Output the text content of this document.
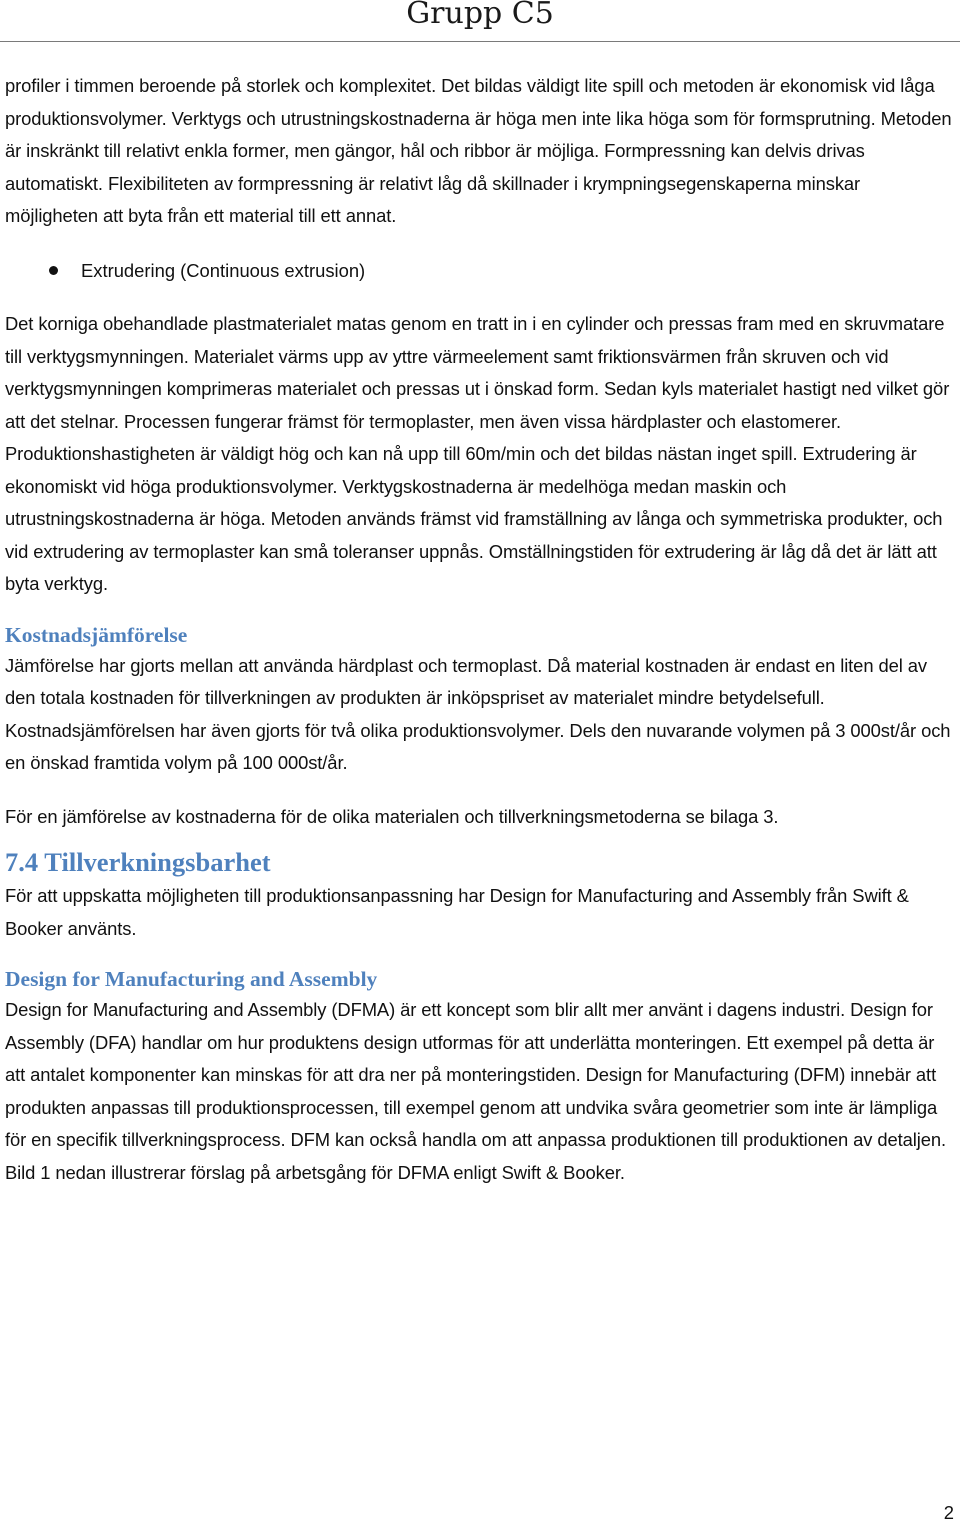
Grupp C5

profiler i timmen beroende på storlek och komplexitet. Det bildas väldigt lite spill och metoden är ekonomisk vid låga produktionsvolymer. Verktygs och utrustningskostnaderna är höga men inte lika höga som för formsprutning. Metoden är inskränkt till relativt enkla former, men gängor, hål och ribbor är möjliga. Formpressning kan delvis drivas automatiskt. Flexibiliteten av formpressning är relativt låg då skillnader i krympningsegenskaperna minskar möjligheten att byta från ett material till ett annat.

Extrudering (Continuous extrusion)

Det korniga obehandlade plastmaterialet matas genom en tratt in i en cylinder och pressas fram med en skruvmatare till verktygsmynningen. Materialet värms upp av yttre värmeelement samt friktionsvärmen från skruven och vid verktygsmynningen komprimeras materialet och pressas ut i önskad form. Sedan kyls materialet hastigt ned vilket gör att det stelnar. Processen fungerar främst för termoplaster, men även vissa härdplaster och elastomerer. Produktionshastigheten är väldigt hög och kan nå upp till 60m/min och det bildas nästan inget spill. Extrudering är ekonomiskt vid höga produktionsvolymer. Verktygskostnaderna är medelhöga medan maskin och utrustningskostnaderna är höga. Metoden används främst vid framställning av långa och symmetriska produkter, och vid extrudering av termoplaster kan små toleranser uppnås. Omställningstiden för extrudering är låg då det är lätt att byta verktyg.

Kostnadsjämförelse

Jämförelse har gjorts mellan att använda härdplast och termoplast. Då material kostnaden är endast en liten del av den totala kostnaden för tillverkningen av produkten är inköpspriset av materialet mindre betydelsefull. Kostnadsjämförelsen har även gjorts för två olika produktionsvolymer. Dels den nuvarande volymen på 3 000st/år och en önskad framtida volym på 100 000st/år.

För en jämförelse av kostnaderna för de olika materialen och tillverkningsmetoderna se bilaga 3.

7.4 Tillverkningsbarhet

För att uppskatta möjligheten till produktionsanpassning har Design for Manufacturing and Assembly från Swift & Booker använts.

Design for Manufacturing and Assembly

Design for Manufacturing and Assembly (DFMA) är ett koncept som blir allt mer använt i dagens industri. Design for Assembly (DFA) handlar om hur produktens design utformas för att underlätta monteringen. Ett exempel på detta är att antalet komponenter kan minskas för att dra ner på monteringstiden. Design for Manufacturing (DFM) innebär att produkten anpassas till produktionsprocessen, till exempel genom att undvika svåra geometrier som inte är lämpliga för en specifik tillverkningsprocess. DFM kan också handla om att anpassa produktionen till produktionen av detaljen. Bild 1 nedan illustrerar förslag på arbetsgång för DFMA enligt Swift & Booker.

2
